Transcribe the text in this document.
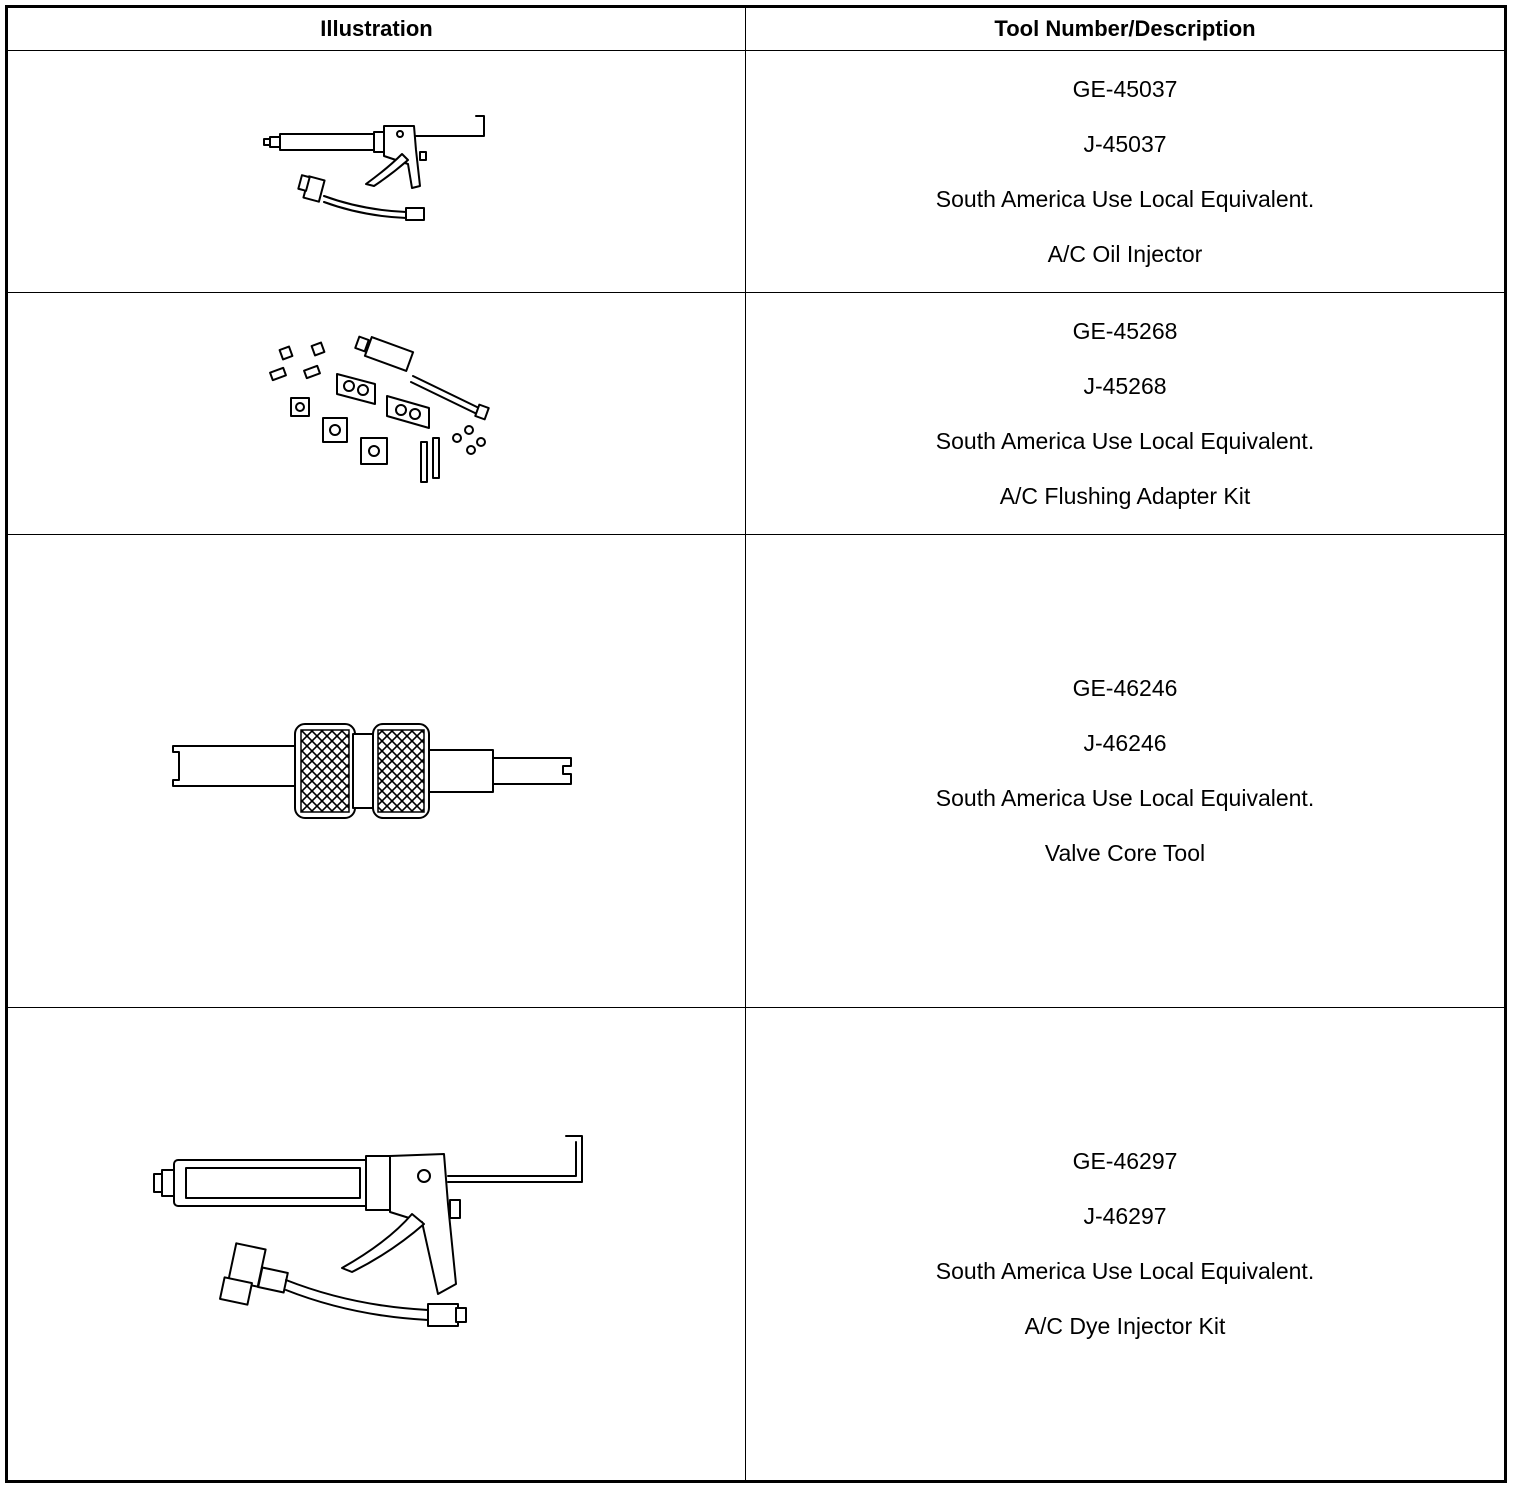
Illustration	Tool Number/Description

GE-45037

J-45037

South America Use Local Equivalent.

A/C Oil Injector

GE-45268

J-45268

South America Use Local Equivalent.

A/C Flushing Adapter Kit

GE-46246

J-46246

South America Use Local Equivalent.

Valve Core Tool

GE-46297

J-46297

South America Use Local Equivalent.

A/C Dye Injector Kit
